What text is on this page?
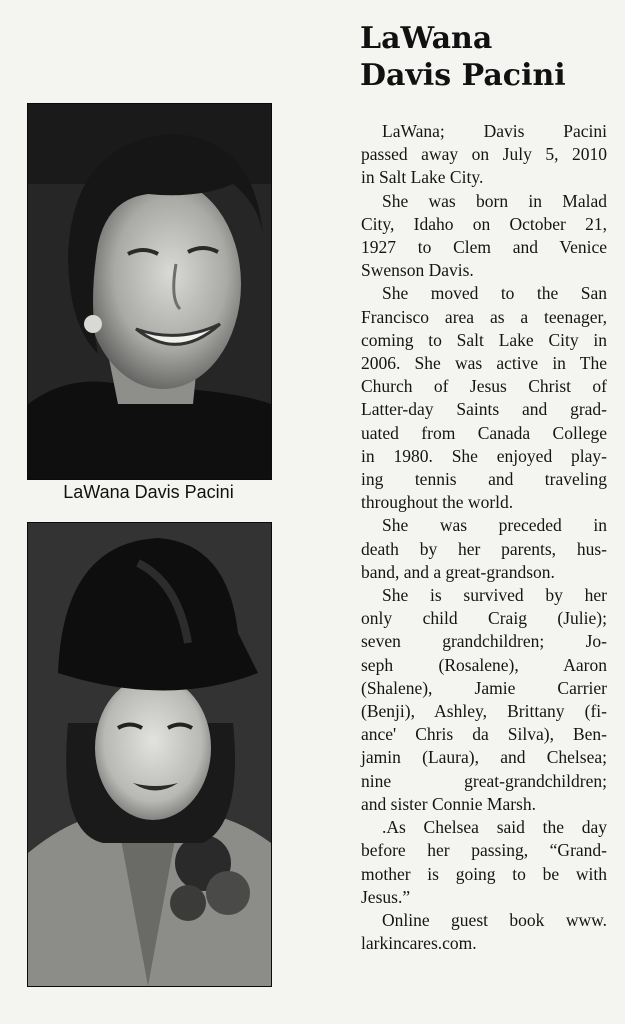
LaWana Davis Pacini
LaWana
Davis Pacini

LaWana; Davis Pacini
passed away on July 5, 2010
in Salt Lake City.

She was born in Malad
City, Idaho on October 21,
1927 to Clem and Venice
Swenson Davis.

She moved to the San
Francisco area as a teenager,
coming to Salt Lake City in
2006. She was active in The
Church of Jesus Christ of
Latter-day Saints and grad-
uated from Canada College
in 1980. She enjoyed play-
ing tennis and traveling
throughout the world.

She was preceded in
death by her parents, hus-
band, and a great-grandson.

She is survived by her
only child Craig (Julie);
seven grandchildren; Jo-
seph (Rosalene), Aaron
(Shalene), Jamie Carrier
(Benji), Ashley, Brittany (fi-
ance' Chris da Silva), Ben-
jamin (Laura), and Chelsea;
nine great-grandchildren;
and sister Connie Marsh.

.As Chelsea said the day
before her passing, “Grand-
mother is going to be with
Jesus.”

Online guest book www.
larkincares.com.
